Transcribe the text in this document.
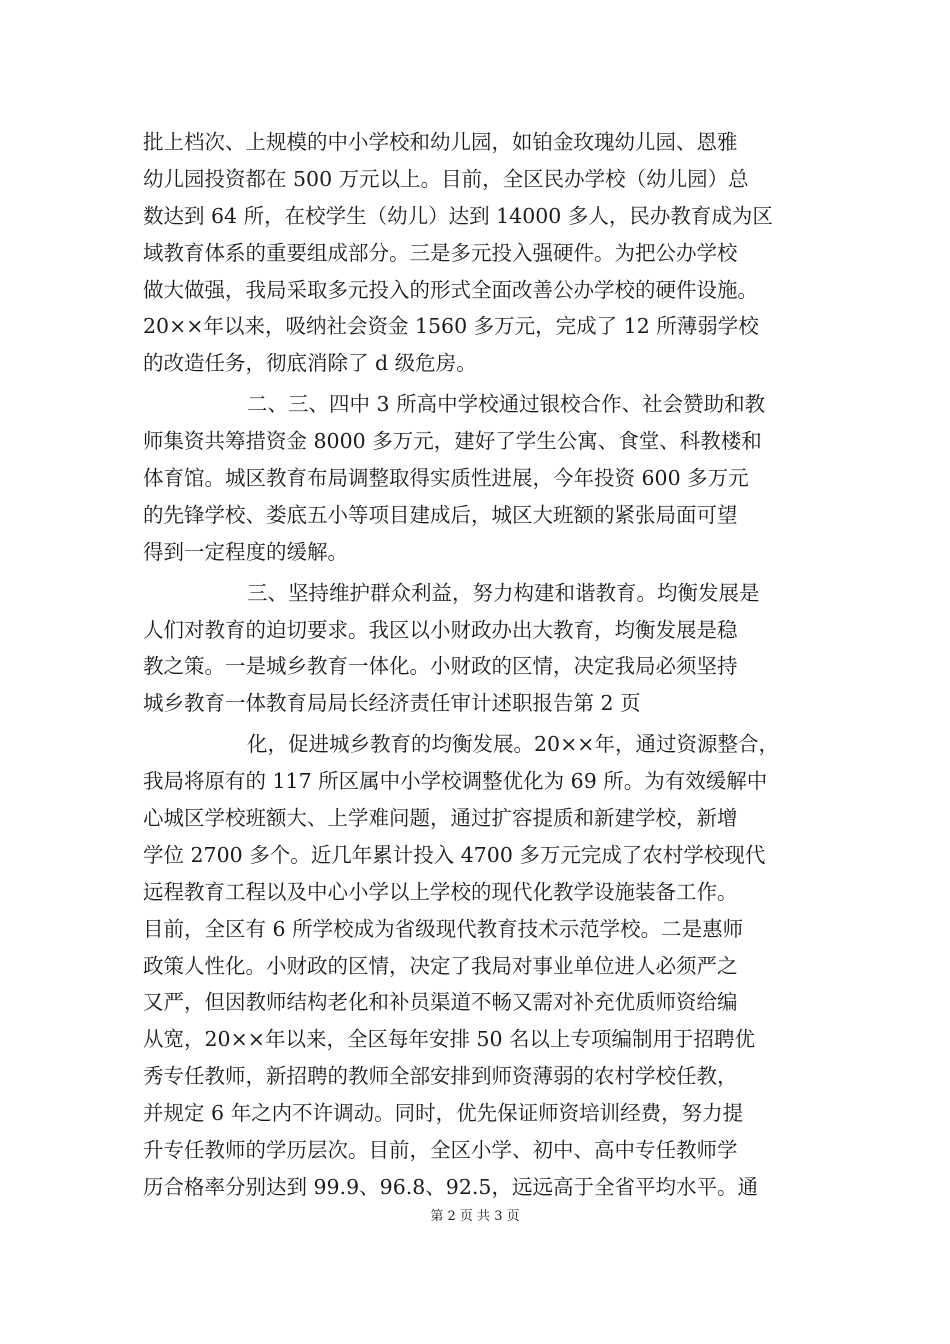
批上档次、上规模的中小学校和幼儿园，如铂金玫瑰幼儿园、恩雅
幼儿园投资都在 500 万元以上。目前，全区民办学校（幼儿园）总
数达到 64 所，在校学生（幼儿）达到 14000 多人，民办教育成为区
域教育体系的重要组成部分。三是多元投入强硬件。为把公办学校
做大做强，我局采取多元投入的形式全面改善公办学校的硬件设施。
20××年以来，吸纳社会资金 1560 多万元，完成了 12 所薄弱学校
的改造任务，彻底消除了 d 级危房。
二、三、四中 3 所高中学校通过银校合作、社会赞助和教
师集资共筹措资金 8000 多万元，建好了学生公寓、食堂、科教楼和
体育馆。城区教育布局调整取得实质性进展，今年投资 600 多万元
的先锋学校、娄底五小等项目建成后，城区大班额的紧张局面可望
得到一定程度的缓解。
三、坚持维护群众利益，努力构建和谐教育。均衡发展是
人们对教育的迫切要求。我区以小财政办出大教育，均衡发展是稳
教之策。一是城乡教育一体化。小财政的区情，决定我局必须坚持
城乡教育一体教育局局长经济责任审计述职报告第 2 页
化，促进城乡教育的均衡发展。20××年，通过资源整合，
我局将原有的 117 所区属中小学校调整优化为 69 所。为有效缓解中
心城区学校班额大、上学难问题，通过扩容提质和新建学校，新增
学位 2700 多个。近几年累计投入 4700 多万元完成了农村学校现代
远程教育工程以及中心小学以上学校的现代化教学设施装备工作。
目前，全区有 6 所学校成为省级现代教育技术示范学校。二是惠师
政策人性化。小财政的区情，决定了我局对事业单位进人必须严之
又严，但因教师结构老化和补员渠道不畅又需对补充优质师资给编
从宽，20××年以来，全区每年安排 50 名以上专项编制用于招聘优
秀专任教师，新招聘的教师全部安排到师资薄弱的农村学校任教，
并规定 6 年之内不许调动。同时，优先保证师资培训经费，努力提
升专任教师的学历层次。目前，全区小学、初中、高中专任教师学
历合格率分别达到 99.9、96.8、92.5，远远高于全省平均水平。通
第 2 页 共 3 页
